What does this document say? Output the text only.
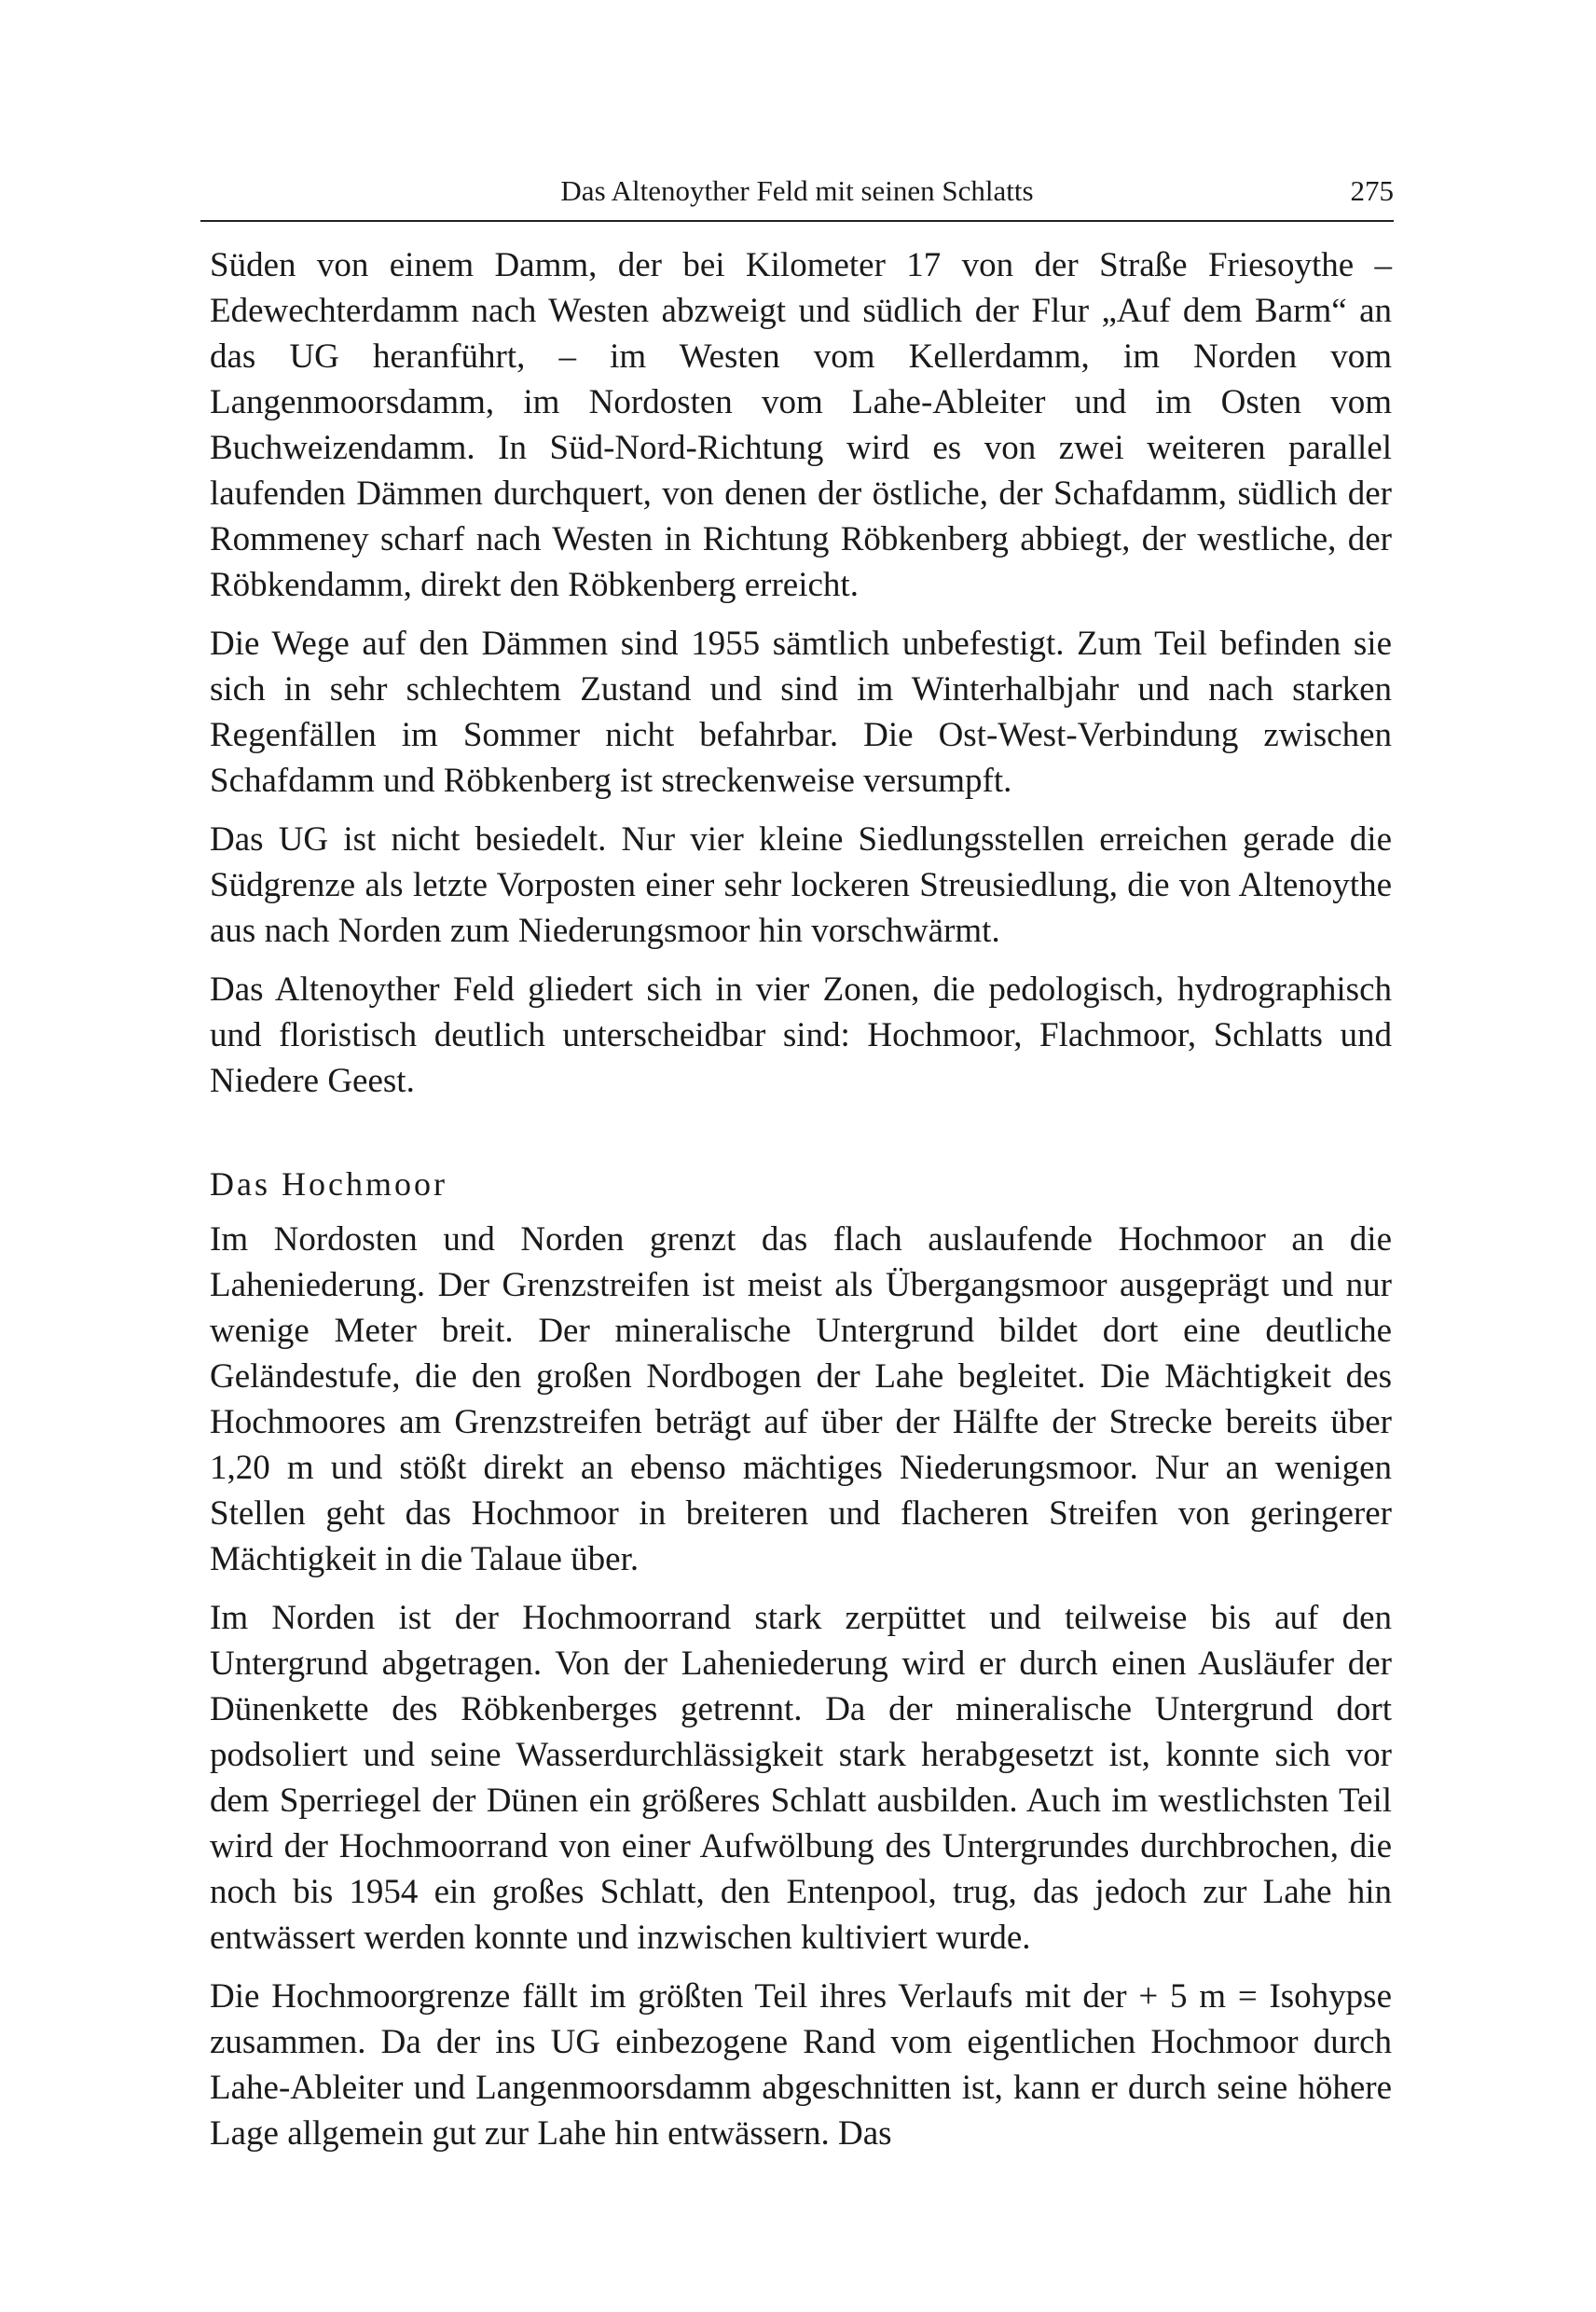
Das Altenoyther Feld mit seinen Schlatts	275

Süden von einem Damm, der bei Kilometer 17 von der Straße Friesoythe – Edewechterdamm nach Westen abzweigt und südlich der Flur „Auf dem Barm“ an das UG heranführt, – im Westen vom Kellerdamm, im Norden vom Langenmoorsdamm, im Nordosten vom Lahe-Ableiter und im Osten vom Buchweizendamm. In Süd-Nord-Richtung wird es von zwei weiteren parallel laufenden Dämmen durchquert, von denen der östliche, der Schafdamm, südlich der Rommeney scharf nach Westen in Richtung Röbkenberg abbiegt, der westliche, der Röbkendamm, direkt den Röbkenberg erreicht.

Die Wege auf den Dämmen sind 1955 sämtlich unbefestigt. Zum Teil befinden sie sich in sehr schlechtem Zustand und sind im Winterhalbjahr und nach starken Regenfällen im Sommer nicht befahrbar. Die Ost-West-Verbindung zwischen Schafdamm und Röbkenberg ist streckenweise versumpft.

Das UG ist nicht besiedelt. Nur vier kleine Siedlungsstellen erreichen gerade die Südgrenze als letzte Vorposten einer sehr lockeren Streusiedlung, die von Altenoythe aus nach Norden zum Niederungsmoor hin vorschwärmt.

Das Altenoyther Feld gliedert sich in vier Zonen, die pedologisch, hydrographisch und floristisch deutlich unterscheidbar sind: Hochmoor, Flachmoor, Schlatts und Niedere Geest.

Das Hochmoor

Im Nordosten und Norden grenzt das flach auslaufende Hochmoor an die Laheniederung. Der Grenzstreifen ist meist als Übergangsmoor ausgeprägt und nur wenige Meter breit. Der mineralische Untergrund bildet dort eine deutliche Geländestufe, die den großen Nordbogen der Lahe begleitet. Die Mächtigkeit des Hochmoores am Grenzstreifen beträgt auf über der Hälfte der Strecke bereits über 1,20 m und stößt direkt an ebenso mächtiges Niederungsmoor. Nur an wenigen Stellen geht das Hochmoor in breiteren und flacheren Streifen von geringerer Mächtigkeit in die Talaue über.

Im Norden ist der Hochmoorrand stark zerpüttet und teilweise bis auf den Untergrund abgetragen. Von der Laheniederung wird er durch einen Ausläufer der Dünenkette des Röbkenberges getrennt. Da der mineralische Untergrund dort podsoliert und seine Wasserdurchlässigkeit stark herabgesetzt ist, konnte sich vor dem Sperriegel der Dünen ein größeres Schlatt ausbilden. Auch im westlichsten Teil wird der Hochmoorrand von einer Aufwölbung des Untergrundes durchbrochen, die noch bis 1954 ein großes Schlatt, den Entenpool, trug, das jedoch zur Lahe hin entwässert werden konnte und inzwischen kultiviert wurde.

Die Hochmoorgrenze fällt im größten Teil ihres Verlaufs mit der + 5 m = Isohypse zusammen. Da der ins UG einbezogene Rand vom eigentlichen Hochmoor durch Lahe-Ableiter und Langenmoorsdamm abgeschnitten ist, kann er durch seine höhere Lage allgemein gut zur Lahe hin entwässern. Das
